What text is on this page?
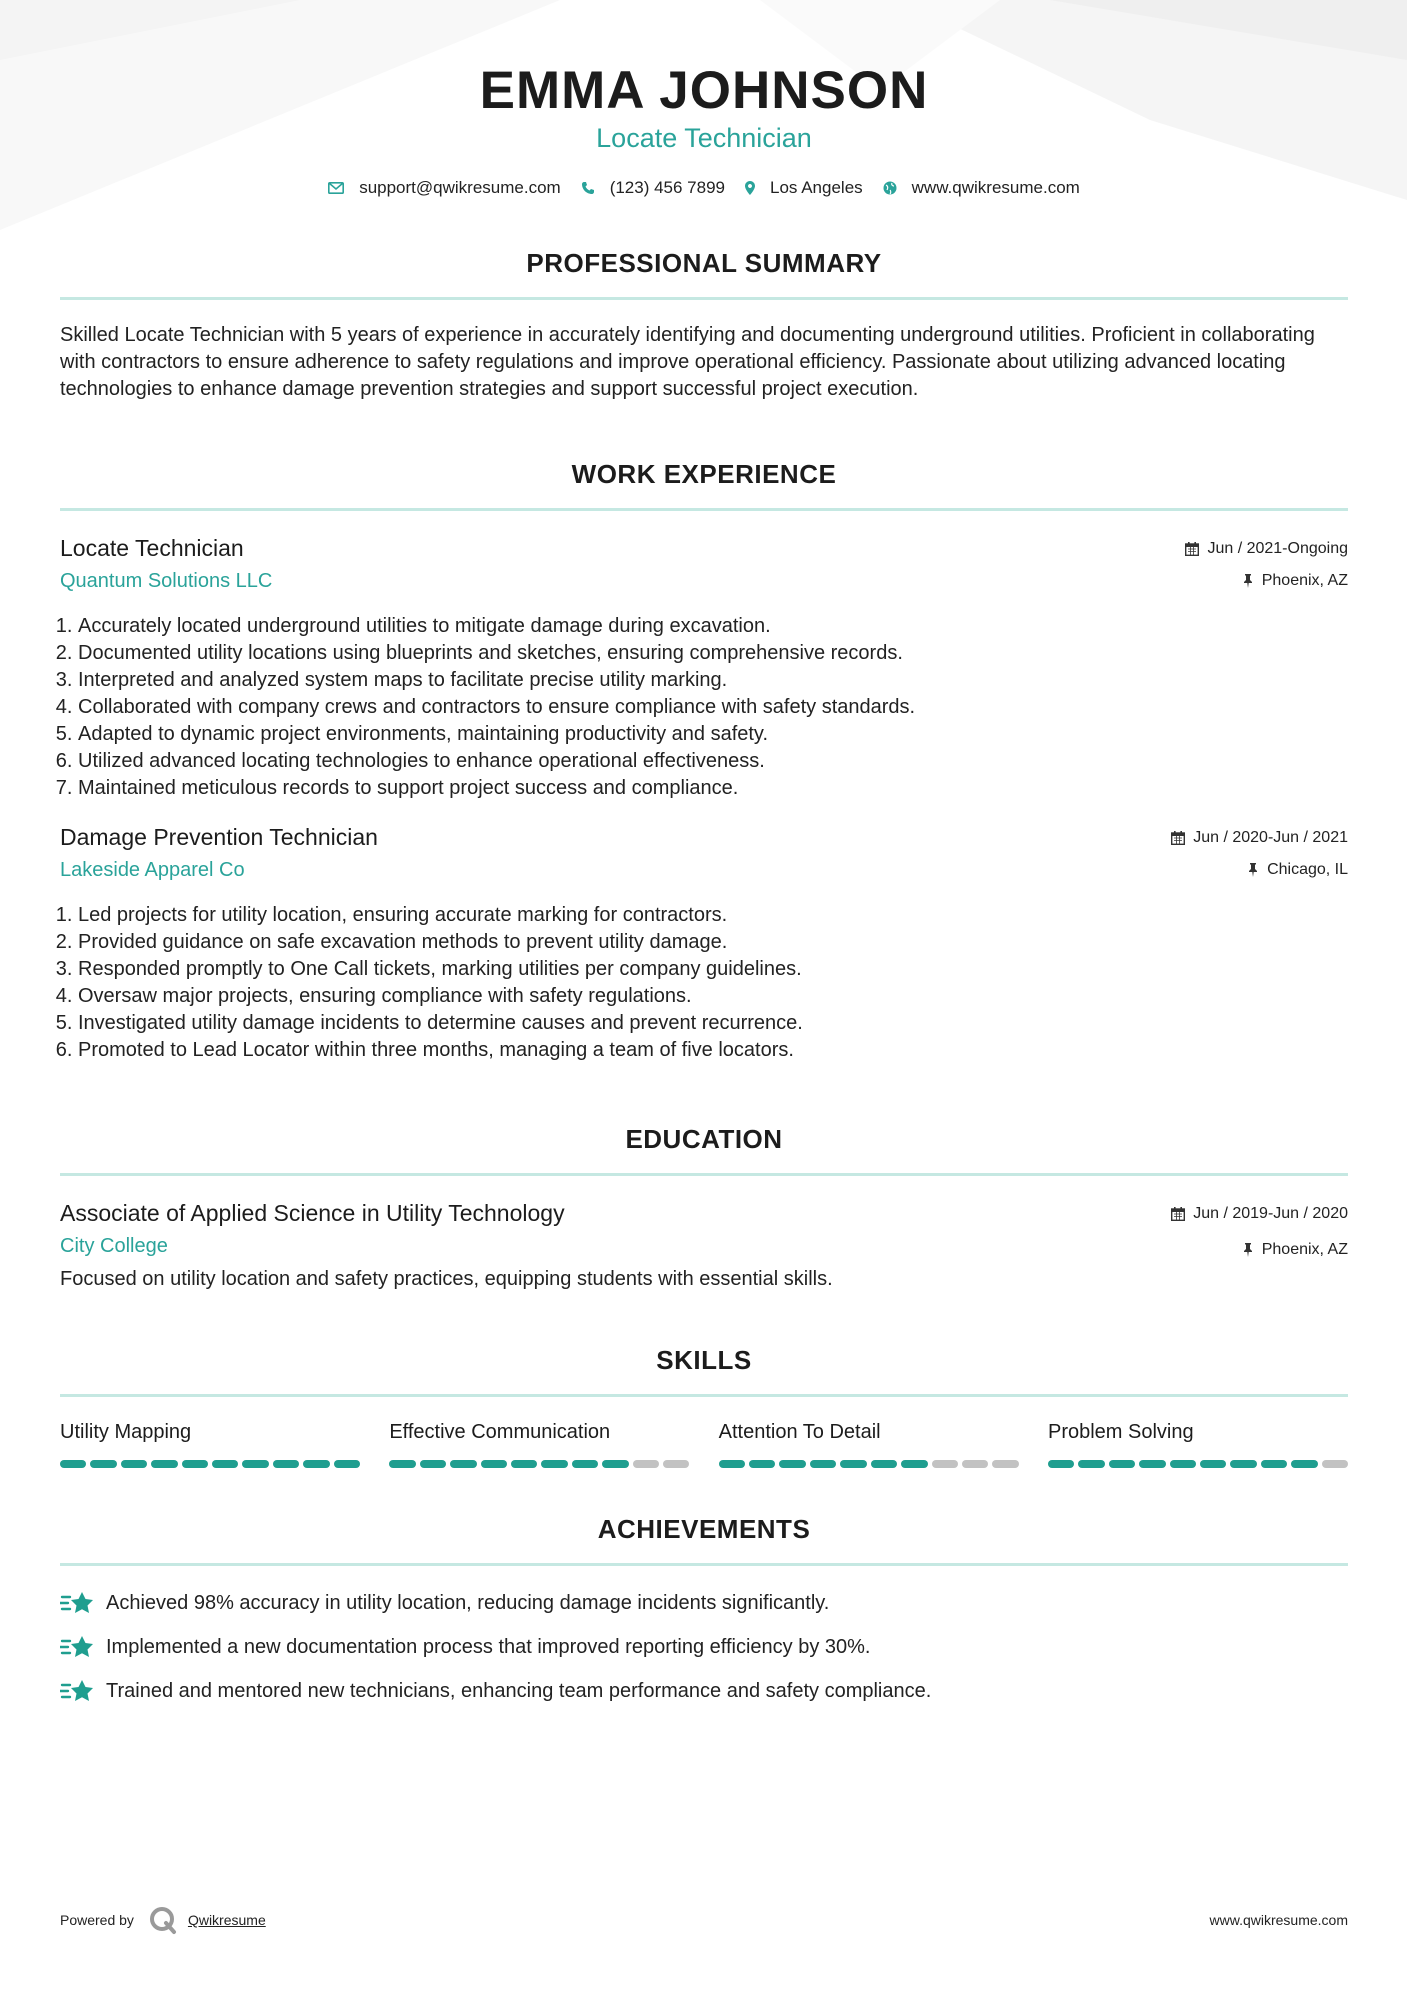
EMMA JOHNSON
Locate Technician
support@qwikresume.com	(123) 456 7899	Los Angeles	www.qwikresume.com
PROFESSIONAL SUMMARY
Skilled Locate Technician with 5 years of experience in accurately identifying and documenting underground utilities. Proficient in collaborating with contractors to ensure adherence to safety regulations and improve operational efficiency. Passionate about utilizing advanced locating technologies to enhance damage prevention strategies and support successful project execution.
WORK EXPERIENCE
Locate Technician
Quantum Solutions LLC
Jun / 2021-Ongoing
Phoenix, AZ
1. Accurately located underground utilities to mitigate damage during excavation.
2. Documented utility locations using blueprints and sketches, ensuring comprehensive records.
3. Interpreted and analyzed system maps to facilitate precise utility marking.
4. Collaborated with company crews and contractors to ensure compliance with safety standards.
5. Adapted to dynamic project environments, maintaining productivity and safety.
6. Utilized advanced locating technologies to enhance operational effectiveness.
7. Maintained meticulous records to support project success and compliance.
Damage Prevention Technician
Lakeside Apparel Co
Jun / 2020-Jun / 2021
Chicago, IL
1. Led projects for utility location, ensuring accurate marking for contractors.
2. Provided guidance on safe excavation methods to prevent utility damage.
3. Responded promptly to One Call tickets, marking utilities per company guidelines.
4. Oversaw major projects, ensuring compliance with safety regulations.
5. Investigated utility damage incidents to determine causes and prevent recurrence.
6. Promoted to Lead Locator within three months, managing a team of five locators.
EDUCATION
Associate of Applied Science in Utility Technology
City College
Jun / 2019-Jun / 2020
Phoenix, AZ
Focused on utility location and safety practices, equipping students with essential skills.
SKILLS
Utility Mapping	Effective Communication	Attention To Detail	Problem Solving
ACHIEVEMENTS
Achieved 98% accuracy in utility location, reducing damage incidents significantly.
Implemented a new documentation process that improved reporting efficiency by 30%.
Trained and mentored new technicians, enhancing team performance and safety compliance.
Powered by	Qwikresume	www.qwikresume.com
